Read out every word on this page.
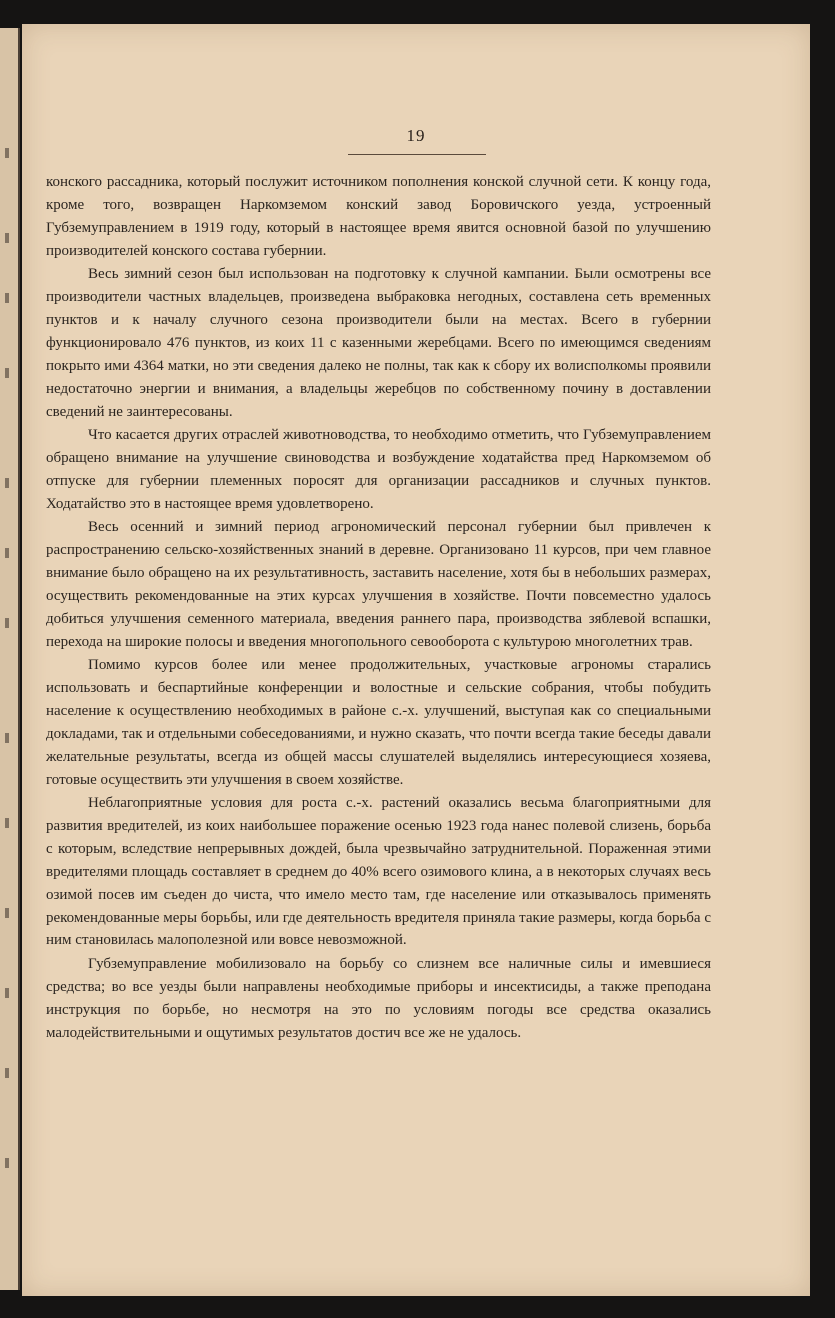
19

конского рассадника, который послужит источником пополнения конской случной сети. К концу года, кроме того, возвращен Наркомземом конский завод Боровичского уезда, устроенный Губземуправлением в 1919 году, который в настоящее время явится основной базой по улучшению производителей конского состава губернии.

Весь зимний сезон был использован на подготовку к случной кампании. Были осмотрены все производители частных владельцев, произведена выбраковка негодных, составлена сеть временных пунктов и к началу случного сезона производители были на местах. Всего в губернии функционировало 476 пунктов, из коих 11 с казенными жеребцами. Всего по имеющимся сведениям покрыто ими 4364 матки, но эти сведения далеко не полны, так как к сбору их волисполкомы проявили недостаточно энергии и внимания, а владельцы жеребцов по собственному почину в доставлении сведений не заинтересованы.

Что касается других отраслей животноводства, то необходимо отметить, что Губземуправлением обращено внимание на улучшение свиноводства и возбуждение ходатайства пред Наркомземом об отпуске для губернии племенных поросят для организации рассадников и случных пунктов. Ходатайство это в настоящее время удовлетворено.

Весь осенний и зимний период агрономический персонал губернии был привлечен к распространению сельско-хозяйственных знаний в деревне. Организовано 11 курсов, при чем главное внимание было обращено на их результативность, заставить население, хотя бы в небольших размерах, осуществить рекомендованные на этих курсах улучшения в хозяйстве. Почти повсеместно удалось добиться улучшения семенного материала, введения раннего пара, производства зяблевой вспашки, перехода на широкие полосы и введения многопольного севооборота с культурою многолетних трав.

Помимо курсов более или менее продолжительных, участковые агрономы старались использовать и беспартийные конференции и волостные и сельские собрания, чтобы побудить население к осуществлению необходимых в районе с.-х. улучшений, выступая как со специальными докладами, так и отдельными собеседованиями, и нужно сказать, что почти всегда такие беседы давали желательные результаты, всегда из общей массы слушателей выделялись интересующиеся хозяева, готовые осуществить эти улучшения в своем хозяйстве.

Неблагоприятные условия для роста с.-х. растений оказались весьма благоприятными для развития вредителей, из коих наибольшее поражение осенью 1923 года нанес полевой слизень, борьба с которым, вследствие непрерывных дождей, была чрезвычайно затруднительной. Пораженная этими вредителями площадь составляет в среднем до 40% всего озимового клина, а в некоторых случаях весь озимой посев им съеден до чиста, что имело место там, где население или отказывалось применять рекомендованные меры борьбы, или где деятельность вредителя приняла такие размеры, когда борьба с ним становилась малополезной или вовсе невозможной.

Губземуправление мобилизовало на борьбу со слизнем все наличные силы и имевшиеся средства; во все уезды были направлены необходимые приборы и инсектисиды, а также преподана инструкция по борьбе, но несмотря на это по условиям погоды все средства оказались малодействительными и ощутимых результатов достич все же не удалось.
